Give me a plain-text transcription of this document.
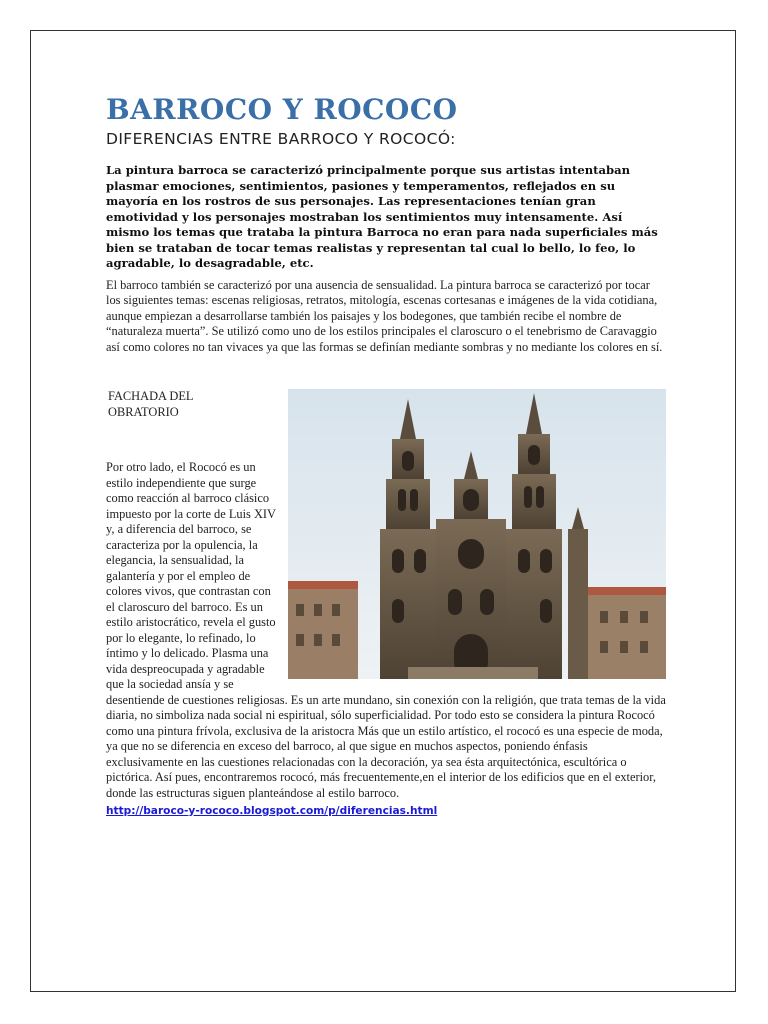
BARROCO Y ROCOCO
DIFERENCIAS ENTRE BARROCO Y ROCOCÓ:

La pintura barroca se caracterizó principalmente porque sus artistas intentaban plasmar emociones, sentimientos, pasiones y temperamentos, reflejados en su mayoría en los rostros de sus personajes. Las representaciones tenían gran emotividad y los personajes mostraban los sentimientos muy intensamente. Así mismo los temas que trataba la pintura Barroca no eran para nada superficiales más bien se trataban de tocar temas realistas y representan tal cual lo bello, lo feo, lo agradable, lo desagradable, etc.

El barroco también se caracterizó por una ausencia de sensualidad. La pintura barroca se caracterizó por tocar los siguientes temas: escenas religiosas, retratos, mitología, escenas cortesanas e imágenes de la vida cotidiana, aunque empiezan a desarrollarse también los paisajes y los bodegones, que también recibe el nombre de “naturaleza muerta”. Se utilizó como uno de los estilos principales el claroscuro o el tenebrismo de Caravaggio así como colores no tan vivaces ya que las formas se definían mediante sombras y no mediante los colores en sí.

FACHADA DEL OBRATORIO

Por otro lado, el Rococó es un estilo independiente que surge como reacción al barroco clásico impuesto por la corte de Luis XIV y, a diferencia del barroco, se caracteriza por la opulencia, la elegancia, la sensualidad, la galantería y por el empleo de colores vivos, que contrastan con el claroscuro del barroco. Es un estilo aristocrático, revela el gusto por lo elegante, lo refinado, lo íntimo y lo delicado. Plasma una vida despreocupada y agradable que la sociedad ansía y se desentiende de cuestiones religiosas. Es un arte mundano, sin conexión con la religión, que trata temas de la vida diaria, no simboliza nada social ni espiritual, sólo superficialidad. Por todo esto se considera la pintura Rococó como una pintura frívola, exclusiva de la aristocra Más que un estilo artístico, el rococó es una especie de moda, ya que no se diferencia en exceso del barroco, al que sigue en muchos aspectos, poniendo énfasis exclusivamente en las cuestiones relacionadas con la decoración, ya sea ésta arquitectónica, escultórica o pictórica. Así pues, encontraremos rococó, más frecuentemente,en el interior de los edificios que en el exterior, donde las estructuras siguen planteándose al estilo barroco.

http://baroco-y-rococo.blogspot.com/p/diferencias.html
